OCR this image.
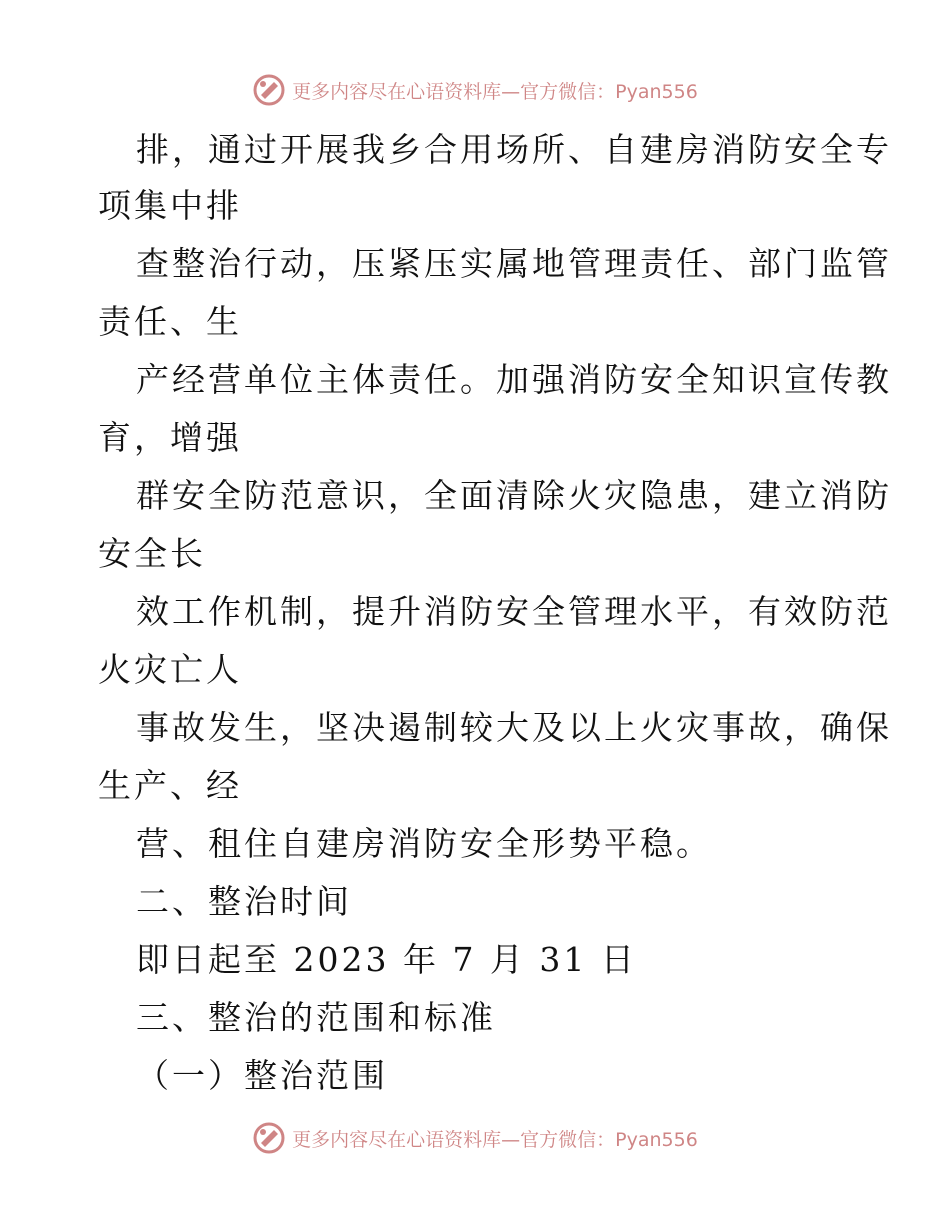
更多内容尽在心语资料库—官方微信：Pyan556
排，通过开展我乡合用场所、自建房消防安全专
项集中排
查整治行动，压紧压实属地管理责任、部门监管
责任、生
产经营单位主体责任。加强消防安全知识宣传教
育，增强
群安全防范意识，全面清除火灾隐患，建立消防
安全长
效工作机制，提升消防安全管理水平，有效防范
火灾亡人
事故发生，坚决遏制较大及以上火灾事故，确保
生产、经
营、租住自建房消防安全形势平稳。
二、整治时间
即日起至 2023 年 7 月 31 日
三、整治的范围和标准
（一）整治范围
更多内容尽在心语资料库—官方微信：Pyan556
